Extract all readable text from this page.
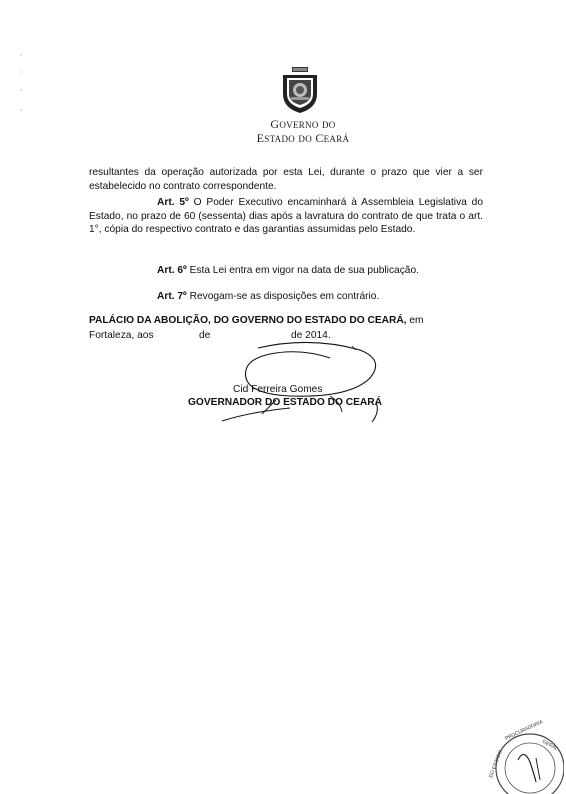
GOVERNO DO
ESTADO DO CEARÁ
resultantes da operação autorizada por esta Lei, durante o prazo que vier a ser estabelecido no contrato correspondente.
Art. 5º O Poder Executivo encaminhará à Assembleia Legislativa do Estado, no prazo de 60 (sessenta) dias após a lavratura do contrato de que trata o art. 1°, cópia do respectivo contrato e das garantias assumidas pelo Estado.
Art. 6º Esta Lei entra em vigor na data de sua publicação.
Art. 7º Revogam-se as disposições em contrário.
PALÁCIO DA ABOLIÇÃO, DO GOVERNO DO ESTADO DO CEARÁ, em
Fortaleza, aos	de	de 2014.
Cid Ferreira Gomes
GOVERNADOR DO ESTADO DO CEARÁ
PROCURADORIA
GERAL
DO ESTADO
